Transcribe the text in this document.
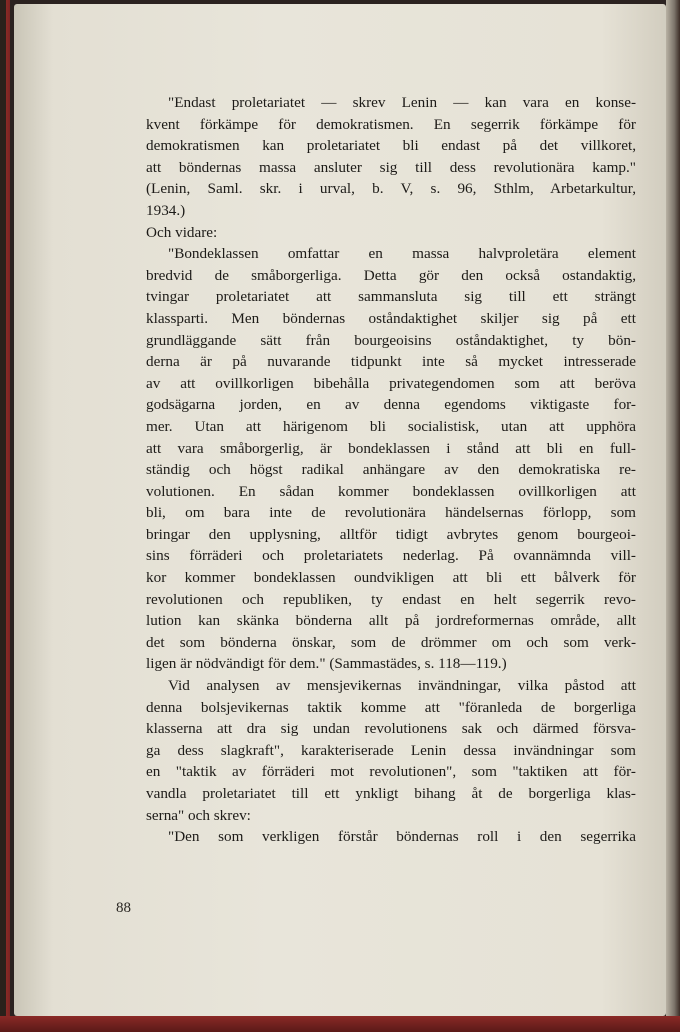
"Endast proletariatet — skrev Lenin — kan vara en konse-
kvent förkämpe för demokratismen. En segerrik förkämpe för
demokratismen kan proletariatet bli endast på det villkoret,
att böndernas massa ansluter sig till dess revolutionära kamp."
(Lenin, Saml. skr. i urval, b. V, s. 96, Sthlm, Arbetarkultur,
1934.)
Och vidare:
"Bondeklassen omfattar en massa halvproletära element
bredvid de småborgerliga. Detta gör den också ostandaktig,
tvingar proletariatet att sammansluta sig till ett strängt
klassparti. Men böndernas oståndaktighet skiljer sig på ett
grundläggande sätt från bourgeoisins oståndaktighet, ty bön-
derna är på nuvarande tidpunkt inte så mycket intresserade
av att ovillkorligen bibehålla privategendomen som att beröva
godsägarna jorden, en av denna egendoms viktigaste for-
mer. Utan att härigenom bli socialistisk, utan att upphöra
att vara småborgerlig, är bondeklassen i stånd att bli en full-
ständig och högst radikal anhängare av den demokratiska re-
volutionen. En sådan kommer bondeklassen ovillkorligen att
bli, om bara inte de revolutionära händelsernas förlopp, som
bringar den upplysning, alltför tidigt avbrytes genom bourgeoi-
sins förräderi och proletariatets nederlag. På ovannämnda vill-
kor kommer bondeklassen oundvikligen att bli ett bålverk för
revolutionen och republiken, ty endast en helt segerrik revo-
lution kan skänka bönderna allt på jordreformernas område, allt
det som bönderna önskar, som de drömmer om och som verk-
ligen är nödvändigt för dem." (Sammastädes, s. 118—119.)
Vid analysen av mensjevikernas invändningar, vilka påstod att
denna bolsjevikernas taktik komme att "föranleda de borgerliga
klasserna att dra sig undan revolutionens sak och därmed försva-
ga dess slagkraft", karakteriserade Lenin dessa invändningar som
en "taktik av förräderi mot revolutionen", som "taktiken att för-
vandla proletariatet till ett ynkligt bihang åt de borgerliga klas-
serna" och skrev:
"Den som verkligen förstår böndernas roll i den segerrika
88
